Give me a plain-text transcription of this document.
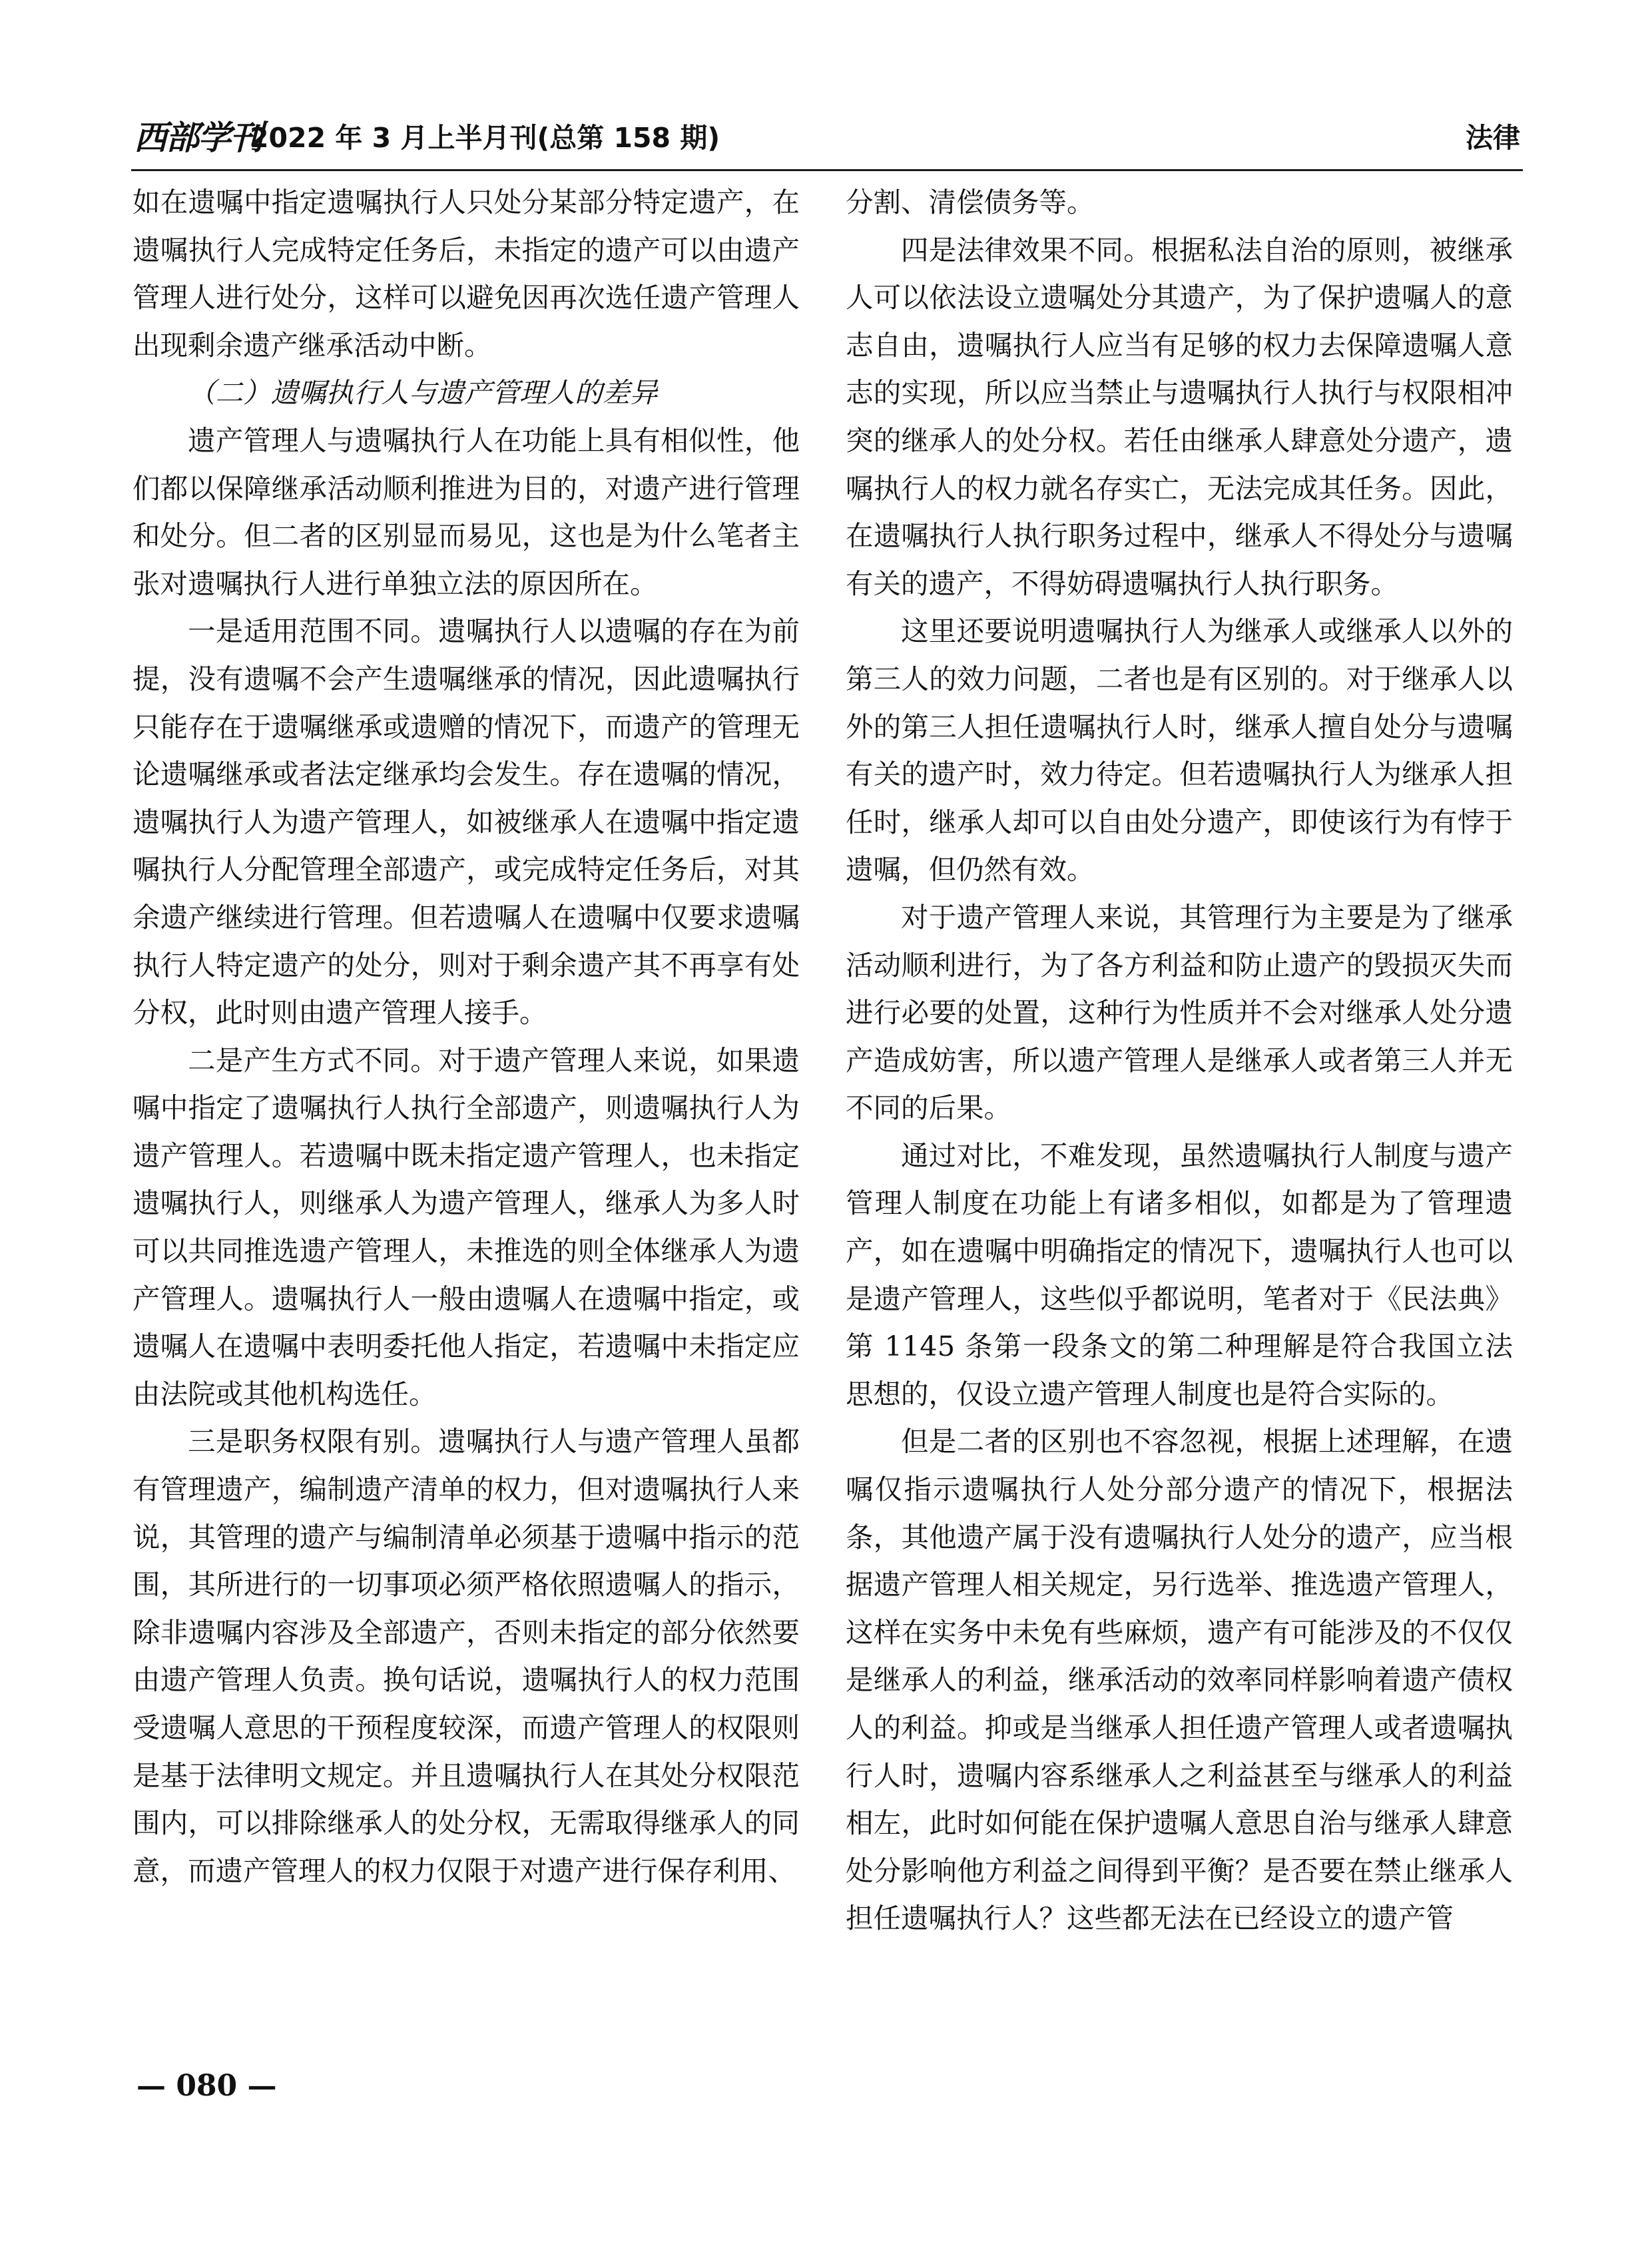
西部学刊
2022 年 3 月上半月刊(总第 158 期)	法律

如在遗嘱中指定遗嘱执行人只处分某部分特定遗产，在遗嘱执行人完成特定任务后，未指定的遗产可以由遗产管理人进行处分，这样可以避免因再次选任遗产管理人出现剩余遗产继承活动中断。

（二）遗嘱执行人与遗产管理人的差异

遗产管理人与遗嘱执行人在功能上具有相似性，他们都以保障继承活动顺利推进为目的，对遗产进行管理和处分。但二者的区别显而易见，这也是为什么笔者主张对遗嘱执行人进行单独立法的原因所在。

一是适用范围不同。遗嘱执行人以遗嘱的存在为前提，没有遗嘱不会产生遗嘱继承的情况，因此遗嘱执行只能存在于遗嘱继承或遗赠的情况下，而遗产的管理无论遗嘱继承或者法定继承均会发生。存在遗嘱的情况，遗嘱执行人为遗产管理人，如被继承人在遗嘱中指定遗嘱执行人分配管理全部遗产，或完成特定任务后，对其余遗产继续进行管理。但若遗嘱人在遗嘱中仅要求遗嘱执行人特定遗产的处分，则对于剩余遗产其不再享有处分权，此时则由遗产管理人接手。

二是产生方式不同。对于遗产管理人来说，如果遗嘱中指定了遗嘱执行人执行全部遗产，则遗嘱执行人为遗产管理人。若遗嘱中既未指定遗产管理人，也未指定遗嘱执行人，则继承人为遗产管理人，继承人为多人时可以共同推选遗产管理人，未推选的则全体继承人为遗产管理人。遗嘱执行人一般由遗嘱人在遗嘱中指定，或遗嘱人在遗嘱中表明委托他人指定，若遗嘱中未指定应由法院或其他机构选任。

三是职务权限有别。遗嘱执行人与遗产管理人虽都有管理遗产，编制遗产清单的权力，但对遗嘱执行人来说，其管理的遗产与编制清单必须基于遗嘱中指示的范围，其所进行的一切事项必须严格依照遗嘱人的指示，除非遗嘱内容涉及全部遗产，否则未指定的部分依然要由遗产管理人负责。换句话说，遗嘱执行人的权力范围受遗嘱人意思的干预程度较深，而遗产管理人的权限则是基于法律明文规定。并且遗嘱执行人在其处分权限范围内，可以排除继承人的处分权，无需取得继承人的同意，而遗产管理人的权力仅限于对遗产进行保存利用、

分割、清偿债务等。

四是法律效果不同。根据私法自治的原则，被继承人可以依法设立遗嘱处分其遗产，为了保护遗嘱人的意志自由，遗嘱执行人应当有足够的权力去保障遗嘱人意志的实现，所以应当禁止与遗嘱执行人执行与权限相冲突的继承人的处分权。若任由继承人肆意处分遗产，遗嘱执行人的权力就名存实亡，无法完成其任务。因此，在遗嘱执行人执行职务过程中，继承人不得处分与遗嘱有关的遗产，不得妨碍遗嘱执行人执行职务。

这里还要说明遗嘱执行人为继承人或继承人以外的第三人的效力问题，二者也是有区别的。对于继承人以外的第三人担任遗嘱执行人时，继承人擅自处分与遗嘱有关的遗产时，效力待定。但若遗嘱执行人为继承人担任时，继承人却可以自由处分遗产，即使该行为有悖于遗嘱，但仍然有效。

对于遗产管理人来说，其管理行为主要是为了继承活动顺利进行，为了各方利益和防止遗产的毁损灭失而进行必要的处置，这种行为性质并不会对继承人处分遗产造成妨害，所以遗产管理人是继承人或者第三人并无不同的后果。

通过对比，不难发现，虽然遗嘱执行人制度与遗产管理人制度在功能上有诸多相似，如都是为了管理遗产，如在遗嘱中明确指定的情况下，遗嘱执行人也可以是遗产管理人，这些似乎都说明，笔者对于《民法典》第 1145 条第一段条文的第二种理解是符合我国立法思想的，仅设立遗产管理人制度也是符合实际的。

但是二者的区别也不容忽视，根据上述理解，在遗嘱仅指示遗嘱执行人处分部分遗产的情况下，根据法条，其他遗产属于没有遗嘱执行人处分的遗产，应当根据遗产管理人相关规定，另行选举、推选遗产管理人，这样在实务中未免有些麻烦，遗产有可能涉及的不仅仅是继承人的利益，继承活动的效率同样影响着遗产债权人的利益。抑或是当继承人担任遗产管理人或者遗嘱执行人时，遗嘱内容系继承人之利益甚至与继承人的利益相左，此时如何能在保护遗嘱人意思自治与继承人肆意处分影响他方利益之间得到平衡？是否要在禁止继承人担任遗嘱执行人？这些都无法在已经设立的遗产管

— 080 —
